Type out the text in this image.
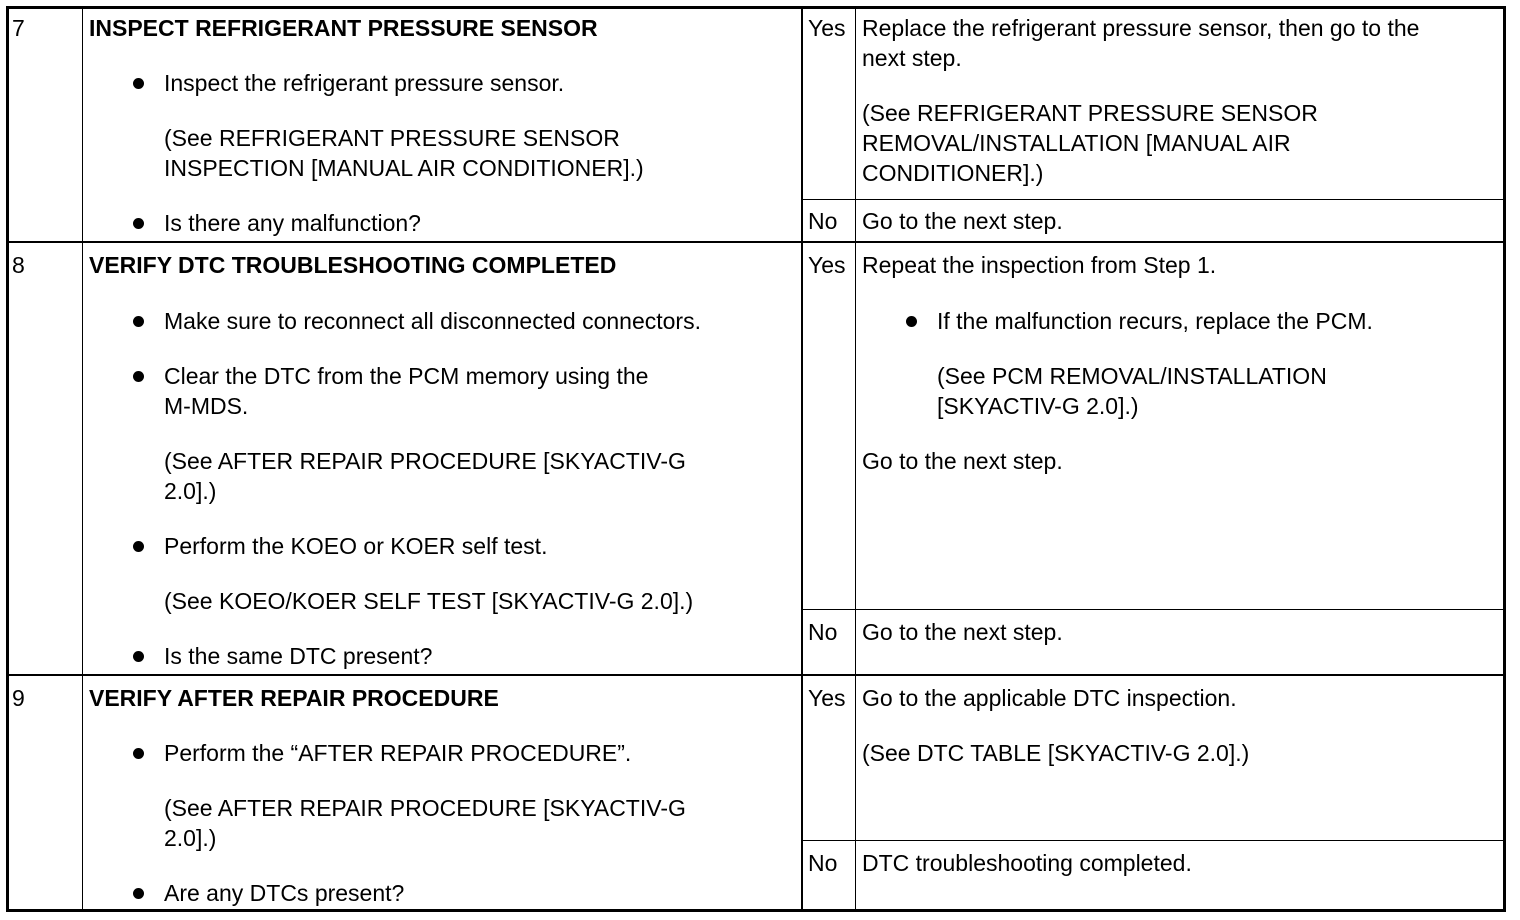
7	INSPECT REFRIGERANT PRESSURE SENSOR
Inspect the refrigerant pressure sensor.
(See REFRIGERANT PRESSURE SENSOR
INSPECTION [MANUAL AIR CONDITIONER].)
Is there any malfunction?
Yes Replace the refrigerant pressure sensor, then go to the
next step.
(See REFRIGERANT PRESSURE SENSOR
REMOVAL/INSTALLATION [MANUAL AIR
CONDITIONER].)
No Go to the next step.
8	VERIFY DTC TROUBLESHOOTING COMPLETED
Make sure to reconnect all disconnected connectors.
Clear the DTC from the PCM memory using the
M-MDS.
(See AFTER REPAIR PROCEDURE [SKYACTIV-G
2.0].)
Perform the KOEO or KOER self test.
(See KOEO/KOER SELF TEST [SKYACTIV-G 2.0].)
Is the same DTC present?
Yes Repeat the inspection from Step 1.
If the malfunction recurs, replace the PCM.
(See PCM REMOVAL/INSTALLATION
[SKYACTIV-G 2.0].)
Go to the next step.
No Go to the next step.
9	VERIFY AFTER REPAIR PROCEDURE
Perform the “AFTER REPAIR PROCEDURE”.
(See AFTER REPAIR PROCEDURE [SKYACTIV-G
2.0].)
Are any DTCs present?
Yes Go to the applicable DTC inspection.
(See DTC TABLE [SKYACTIV-G 2.0].)
No DTC troubleshooting completed.
